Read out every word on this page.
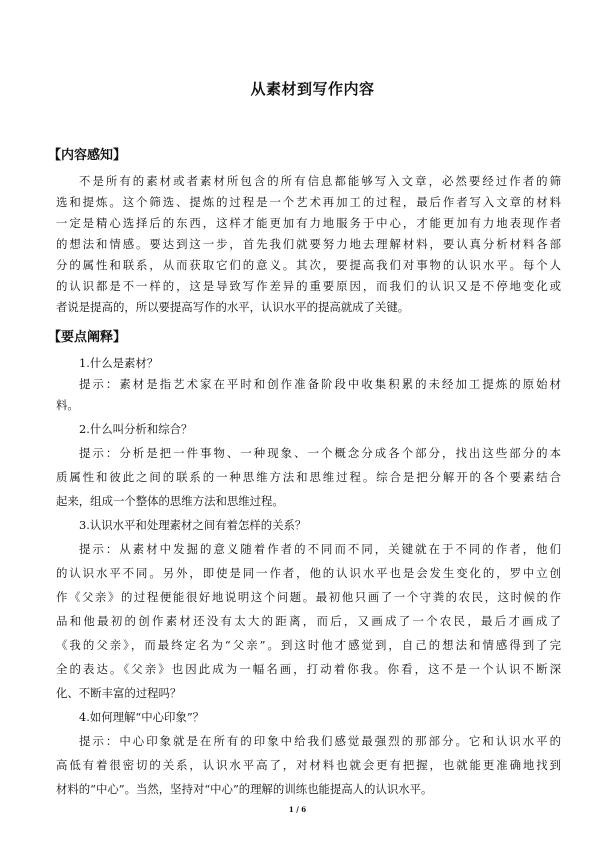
从素材到写作内容
【内容感知】
不是所有的素材或者素材所包含的所有信息都能够写入文章，必然要经过作者的筛
选和提炼。这个筛选、提炼的过程是一个艺术再加工的过程，最后作者写入文章的材料
一定是精心选择后的东西，这样才能更加有力地服务于中心，才能更加有力地表现作者
的想法和情感。要达到这一步，首先我们就要努力地去理解材料，要认真分析材料各部
分的属性和联系，从而获取它们的意义。其次，要提高我们对事物的认识水平。每个人
的认识都是不一样的，这是导致写作差异的重要原因，而我们的认识又是不停地变化或
者说是提高的，所以要提高写作的水平，认识水平的提高就成了关键。
【要点阐释】
1.什么是素材？
提示：素材是指艺术家在平时和创作准备阶段中收集积累的未经加工提炼的原始材
料。
2.什么叫分析和综合？
提示：分析是把一件事物、一种现象、一个概念分成各个部分，找出这些部分的本
质属性和彼此之间的联系的一种思维方法和思维过程。综合是把分解开的各个要素结合
起来，组成一个整体的思维方法和思维过程。
3.认识水平和处理素材之间有着怎样的关系？
提示：从素材中发掘的意义随着作者的不同而不同，关键就在于不同的作者，他们
的认识水平不同。另外，即使是同一作者，他的认识水平也是会发生变化的，罗中立创
作《父亲》的过程便能很好地说明这个问题。最初他只画了一个守粪的农民，这时候的作
品和他最初的创作素材还没有太大的距离，而后，又画成了一个农民，最后才画成了
《我的父亲》，而最终定名为“父亲”。到这时他才感觉到，自己的想法和情感得到了完
全的表达。《父亲》也因此成为一幅名画，打动着你我。你看，这不是一个认识不断深
化、不断丰富的过程吗？
4.如何理解“中心印象”？
提示：中心印象就是在所有的印象中给我们感觉最强烈的那部分。它和认识水平的
高低有着很密切的关系，认识水平高了，对材料也就会更有把握，也就能更准确地找到
材料的“中心”。当然，坚持对“中心”的理解的训练也能提高人的认识水平。
1 / 6
